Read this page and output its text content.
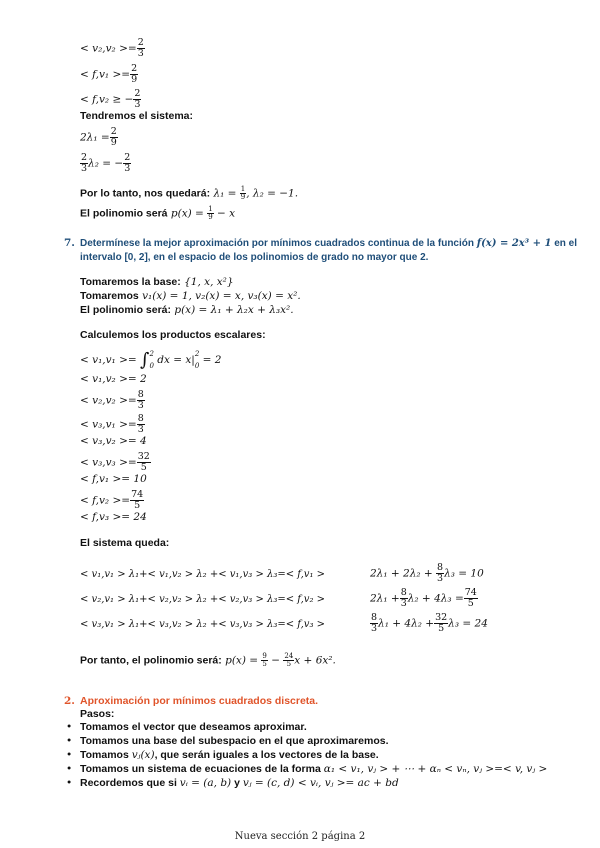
< $v_2,v_2 >= \frac{2}{3}$
< $f,v_1 >= \frac{2}{9}$
< f,v₂ ≥ − $\frac{2}{3}$
Tendremos el sistema:
$2\lambda_1 = \frac{2}{9}$
$\frac{2}{3} \lambda_2$ = − $\frac{2}{3}$
Por lo tanto, nos quedará: $\lambda_1 = \frac{1}{9}$ , λ₂ = −1.
El polinomio será $p(x) = \frac{1}{9} - x$
7. Determínese la mejor aproximación por mínimos cuadrados continua de la función f(x) = 2x³ + 1 en el
intervalo [0, 2], en el espacio de los polinomios de grado no mayor que 2.
Tomaremos la base: {1, x, x²}
Tomaremos v₁(x) = 1, v₂(x) = x, v₃(x) = x².
El polinomio será: p(x) = λ₁ + λ₂x + λ₃x².
Calculemos los productos escalares:
< v₁,v₁ >= ∫ 2
0 dx = x| 2
0 = 2
< v₁,v₂ >= 2
< $v_2,v_2 >= \frac{8}{3}$
< $v_3,v_1 >= \frac{8}{3}$
< v₃,v₂ >= 4
< $v_3,v_3 >= \frac{32}{5}$
< f,v₁ >= 10
< $f,v_2 >= \frac{74}{5}$
< f,v₃ >= 24
El sistema queda:
< v₁,v₁ > λ₁+< v₁,v₂ > λ₂ +< v₁,v₃ > λ₃=< f,v₁ >	$2\lambda_1 + 2\lambda_2 + \frac{8}{3} \lambda_3 = 10$
< v₂,v₁ > λ₁+< v₂,v₂ > λ₂ +< v₂,v₃ > λ₃=< f,v₂ >	$2\lambda_1 + \frac{8}{3} \lambda_2 + 4\lambda_3 = \frac{74}{5}$
< v₃,v₁ > λ₁+< v₃,v₂ > λ₂ +< v₃,v₃ > λ₃=< f,v₃ >	$\frac{8}{3} \lambda_1 + 4\lambda_2 + \frac{32}{5} \lambda_3 = 24$
Por tanto, el polinomio será: $p(x) = \frac{9}{5} - \frac{24}{5}$ x + 6x².
2. Aproximación por mínimos cuadrados discreta.
Pasos:
• Tomamos el vector que deseamos aproximar.
• Tomamos una base del subespacio en el que aproximaremos.
• Tomamos vⱼ(x), que serán iguales a los vectores de la base.
• Tomamos un sistema de ecuaciones de la forma α₁ < v₁, vⱼ > + ⋯ + αₙ < vₙ, vⱼ >=< v, vⱼ >
• Recordemos que si vᵢ = (a, b) y vⱼ = (c, d) < vᵢ, vⱼ >= ac + bd
Nueva sección 2 página 2
